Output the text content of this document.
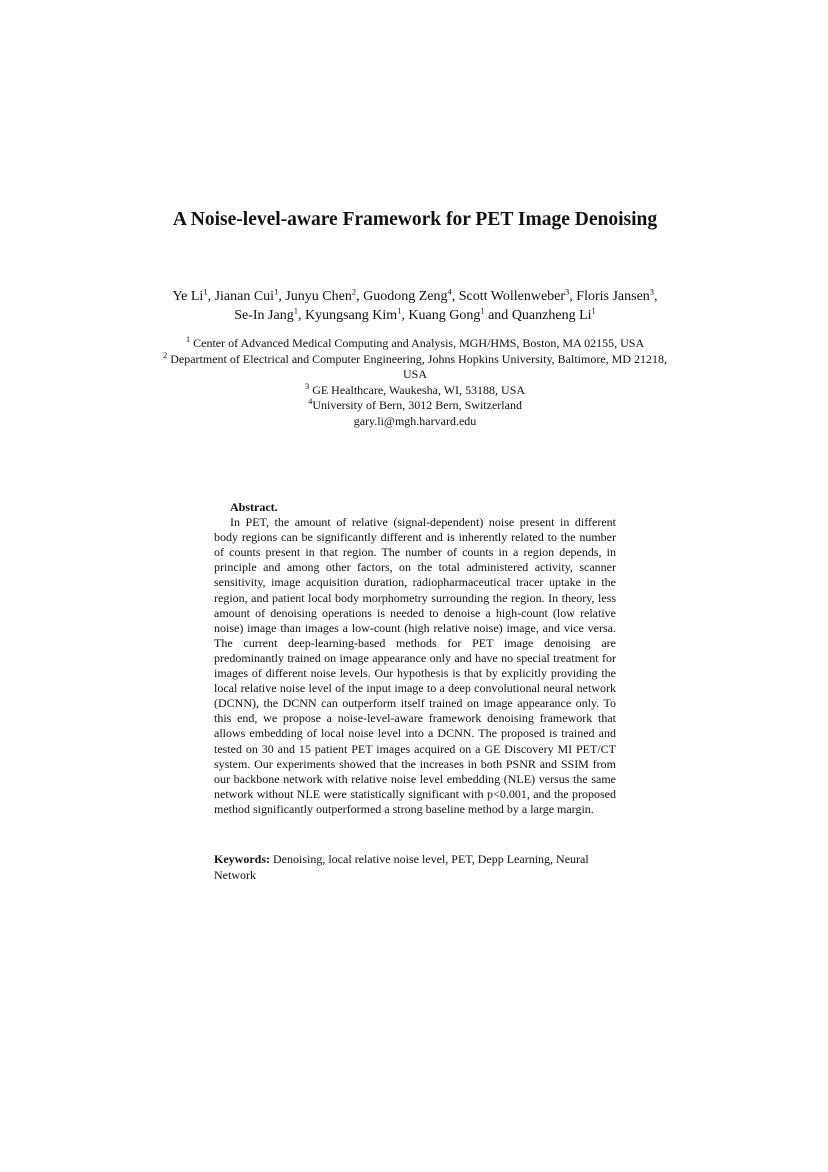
A Noise-level-aware Framework for PET Image Denoising
Ye Li$^1$, Jianan Cui$^1$, Junyu Chen$^2$, Guodong Zeng$^4$, Scott Wollenweber$^3$, Floris Jansen$^3$, Se-In Jang$^1$, Kyungsang Kim$^1$, Kuang Gong$^1$ and Quanzheng Li$^1$
$^1$ Center of Advanced Medical Computing and Analysis, MGH/HMS, Boston, MA 02155, USA
$^2$ Department of Electrical and Computer Engineering, Johns Hopkins University, Baltimore, MD 21218, USA
$^3$ GE Healthcare, Waukesha, WI, 53188, USA
$^4$University of Bern, 3012 Bern, Switzerland
gary.li@mgh.harvard.edu
Abstract.

In PET, the amount of relative (signal-dependent) noise present in different body regions can be significantly different and is inherently related to the number of counts present in that region. The number of counts in a region depends, in principle and among other factors, on the total administered activity, scanner sensitivity, image acquisition duration, radiopharmaceutical tracer uptake in the region, and patient local body morphometry surrounding the region. In theory, less amount of denoising operations is needed to denoise a high-count (low relative noise) image than images a low-count (high relative noise) image, and vice versa. The current deep-learning-based methods for PET image denoising are predominantly trained on image appearance only and have no special treatment for images of different noise levels. Our hypothesis is that by explicitly providing the local relative noise level of the input image to a deep convolutional neural network (DCNN), the DCNN can outperform itself trained on image appearance only. To this end, we propose a noise-level-aware framework denoising framework that allows embedding of local noise level into a DCNN. The proposed is trained and tested on 30 and 15 patient PET images acquired on a GE Discovery MI PET/CT system. Our experiments showed that the increases in both PSNR and SSIM from our backbone network with relative noise level embedding (NLE) versus the same network without NLE were statistically significant with p<0.001, and the proposed method significantly outperformed a strong baseline method by a large margin.

Keywords: Denoising, local relative noise level, PET, Depp Learning, Neural Network
